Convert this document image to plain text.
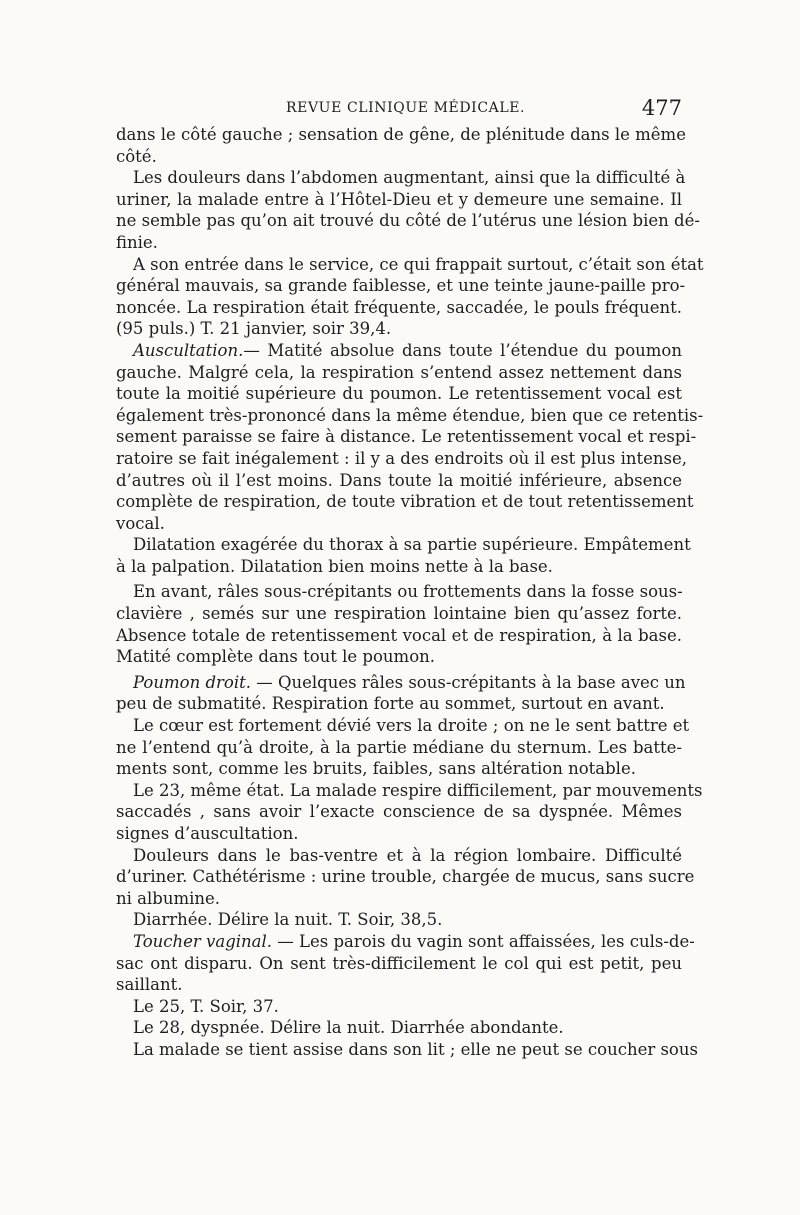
REVUE CLINIQUE MÉDICALE.	477
dans le côté gauche ; sensation de gêne, de plénitude dans le même
côté.
Les douleurs dans l’abdomen augmentant, ainsi que la difficulté à
uriner, la malade entre à l’Hôtel-Dieu et y demeure une semaine. Il
ne semble pas qu’on ait trouvé du côté de l’utérus une lésion bien dé-
finie.
A son entrée dans le service, ce qui frappait surtout, c’était son état
général mauvais, sa grande faiblesse, et une teinte jaune-paille pro-
noncée. La respiration était fréquente, saccadée, le pouls fréquent.
(95 puls.) T. 21 janvier, soir 39,4.
Auscultation.— Matité absolue dans toute l’étendue du poumon
gauche. Malgré cela, la respiration s’entend assez nettement dans
toute la moitié supérieure du poumon. Le retentissement vocal est
également très-prononcé dans la même étendue, bien que ce retentis-
sement paraisse se faire à distance. Le retentissement vocal et respi-
ratoire se fait inégalement : il y a des endroits où il est plus intense,
d’autres où il l’est moins. Dans toute la moitié inférieure, absence
complète de respiration, de toute vibration et de tout retentissement
vocal.
Dilatation exagérée du thorax à sa partie supérieure. Empâtement
à la palpation. Dilatation bien moins nette à la base.
En avant, râles sous-crépitants ou frottements dans la fosse sous-
clavière , semés sur une respiration lointaine bien qu’assez forte.
Absence totale de retentissement vocal et de respiration, à la base.
Matité complète dans tout le poumon.
Poumon droit. — Quelques râles sous-crépitants à la base avec un
peu de submatité. Respiration forte au sommet, surtout en avant.
Le cœur est fortement dévié vers la droite ; on ne le sent battre et
ne l’entend qu’à droite, à la partie médiane du sternum. Les batte-
ments sont, comme les bruits, faibles, sans altération notable.
Le 23, même état. La malade respire difficilement, par mouvements
saccadés , sans avoir l’exacte conscience de sa dyspnée. Mêmes
signes d’auscultation.
Douleurs dans le bas-ventre et à la région lombaire. Difficulté
d’uriner. Cathétérisme : urine trouble, chargée de mucus, sans sucre
ni albumine.
Diarrhée. Délire la nuit. T. Soir, 38,5.
Toucher vaginal. — Les parois du vagin sont affaissées, les culs-de-
sac ont disparu. On sent très-difficilement le col qui est petit, peu
saillant.
Le 25, T. Soir, 37.
Le 28, dyspnée. Délire la nuit. Diarrhée abondante.
La malade se tient assise dans son lit ; elle ne peut se coucher sous
